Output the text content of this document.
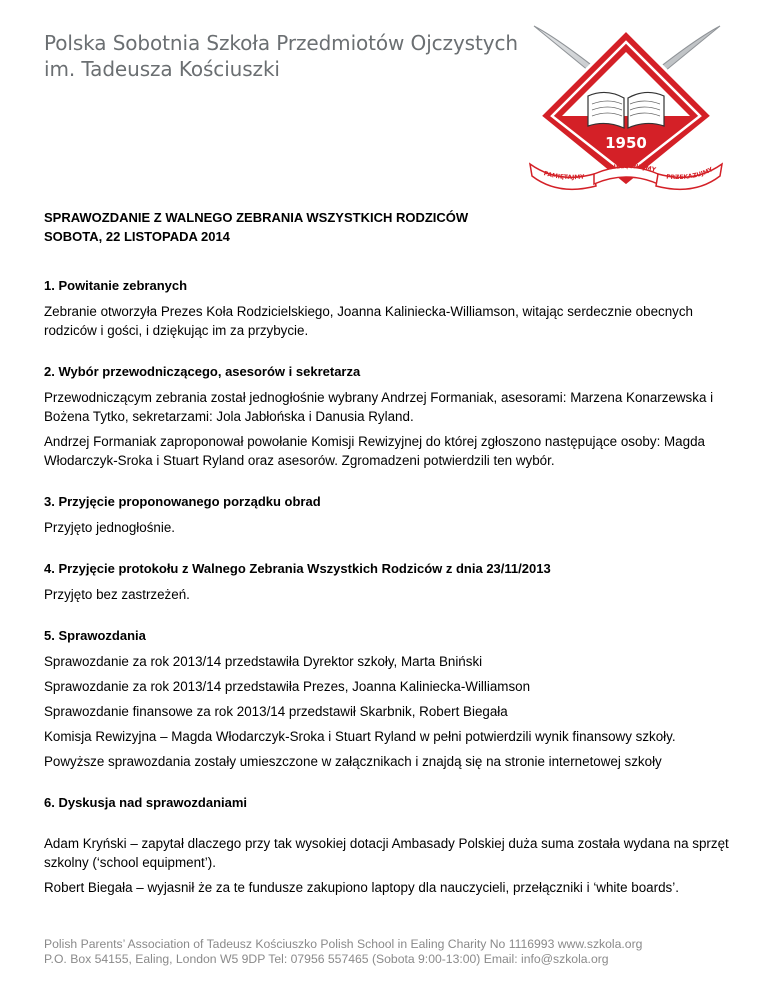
Polska Sobotnia Szkoła Przedmiotów Ojczystych
im. Tadeusza Kościuszki
1950
PAMIĘTAJMY
PIELĘGNUJMY
PRZEKAZUJMY

SPRAWOZDANIE Z WALNEGO ZEBRANIA WSZYSTKICH RODZICÓW

SOBOTA, 22 LISTOPADA 2014

1. Powitanie zebranych

Zebranie otworzyła Prezes Koła Rodzicielskiego, Joanna Kaliniecka-Williamson, witając serdecznie obecnych rodziców i gości, i dziękując im za przybycie.

2. Wybór przewodniczącego, asesorów i sekretarza

Przewodniczącym zebrania został jednogłośnie wybrany Andrzej Formaniak, asesorami: Marzena Konarzewska i Bożena Tytko, sekretarzami: Jola Jabłońska i Danusia Ryland.

Andrzej Formaniak zaproponował powołanie Komisji Rewizyjnej do której zgłoszono następujące osoby: Magda Włodarczyk-Sroka i Stuart Ryland oraz asesorów. Zgromadzeni potwierdzili ten wybór.

3. Przyjęcie proponowanego porządku obrad

Przyjęto jednogłośnie.

4. Przyjęcie protokołu z Walnego Zebrania Wszystkich Rodziców z dnia 23/11/2013

Przyjęto bez zastrzeżeń.

5. Sprawozdania

Sprawozdanie za rok 2013/14 przedstawiła Dyrektor szkoły, Marta Bniński

Sprawozdanie za rok 2013/14 przedstawiła Prezes, Joanna Kaliniecka-Williamson

Sprawozdanie finansowe za rok 2013/14 przedstawił Skarbnik, Robert Biegała

Komisja Rewizyjna – Magda Włodarczyk-Sroka i Stuart Ryland w pełni potwierdzili wynik finansowy szkoły.

Powyższe sprawozdania zostały umieszczone w załącznikach i znajdą się na stronie internetowej szkoły

6. Dyskusja nad sprawozdaniami

Adam Kryński – zapytał dlaczego przy tak wysokiej dotacji Ambasady Polskiej duża suma została wydana na sprzęt szkolny (‘school equipment’).

Robert Biegała – wyjasnił że za te fundusze zakupiono laptopy dla nauczycieli, przełączniki i ‘white boards’.

Polish Parents’ Association of Tadeusz Kościuszko Polish School in Ealing Charity No 1116993 www.szkola.org
P.O. Box 54155, Ealing, London W5 9DP Tel: 07956 557465 (Sobota 9:00-13:00) Email: info@szkola.org
